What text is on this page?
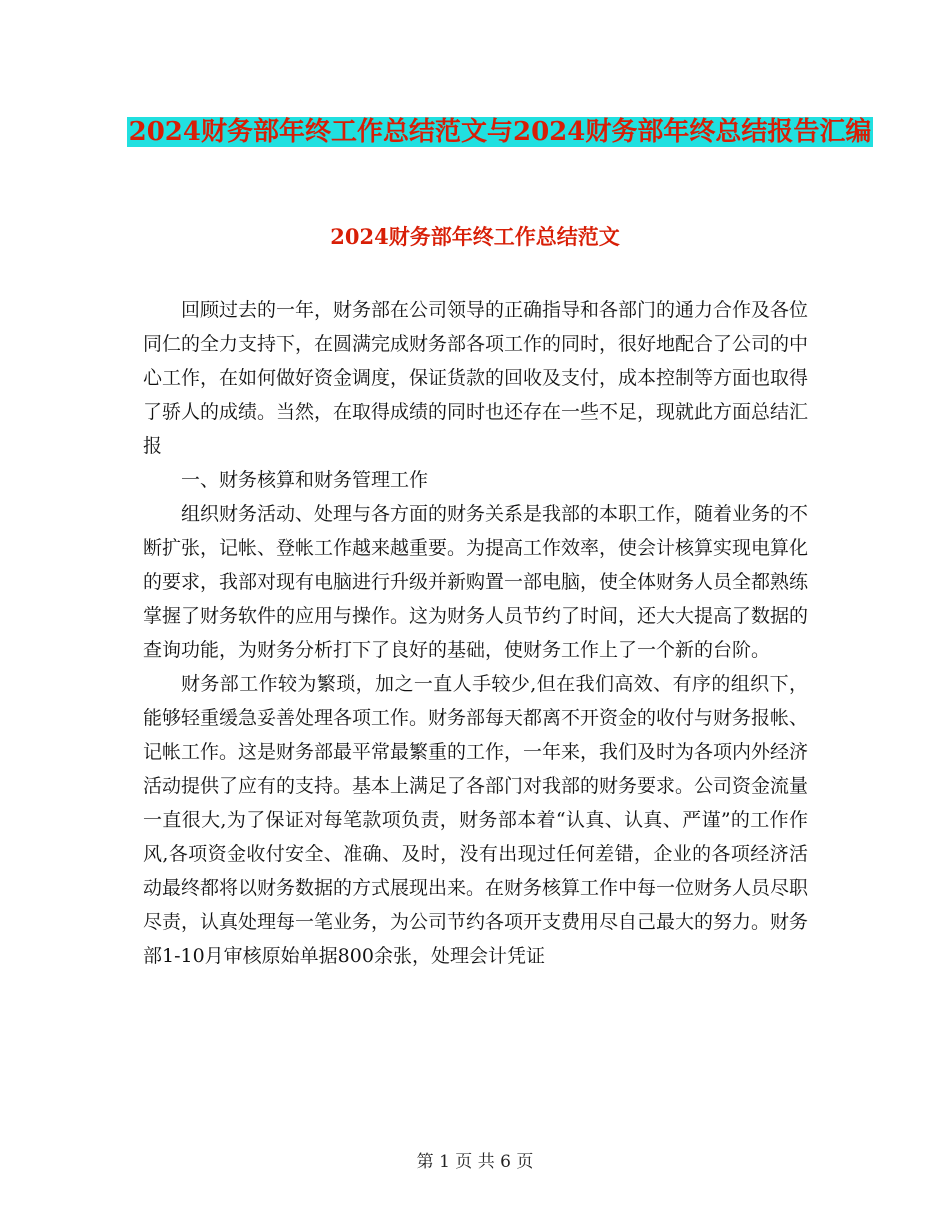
2024财务部年终工作总结范文与2024财务部年终总结报告汇编
2024财务部年终工作总结范文

回顾过去的一年，财务部在公司领导的正确指导和各部门的通力合作及各位同仁的全力支持下，在圆满完成财务部各项工作的同时，很好地配合了公司的中心工作，在如何做好资金调度，保证货款的回收及支付，成本控制等方面也取得了骄人的成绩。当然，在取得成绩的同时也还存在一些不足，现就此方面总结汇报

一、财务核算和财务管理工作

组织财务活动、处理与各方面的财务关系是我部的本职工作，随着业务的不断扩张，记帐、登帐工作越来越重要。为提高工作效率，使会计核算实现电算化的要求，我部对现有电脑进行升级并新购置一部电脑，使全体财务人员全都熟练掌握了财务软件的应用与操作。这为财务人员节约了时间，还大大提高了数据的查询功能，为财务分析打下了良好的基础，使财务工作上了一个新的台阶。

财务部工作较为繁琐，加之一直人手较少,但在我们高效、有序的组织下，能够轻重缓急妥善处理各项工作。财务部每天都离不开资金的收付与财务报帐、记帐工作。这是财务部最平常最繁重的工作，一年来，我们及时为各项内外经济活动提供了应有的支持。基本上满足了各部门对我部的财务要求。公司资金流量一直很大,为了保证对每笔款项负责，财务部本着“认真、认真、严谨”的工作作风,各项资金收付安全、准确、及时，没有出现过任何差错，企业的各项经济活动最终都将以财务数据的方式展现出来。在财务核算工作中每一位财务人员尽职尽责，认真处理每一笔业务，为公司节约各项开支费用尽自己最大的努力。财务部1-10月审核原始单据800余张，处理会计凭证

第 1 页 共 6 页
